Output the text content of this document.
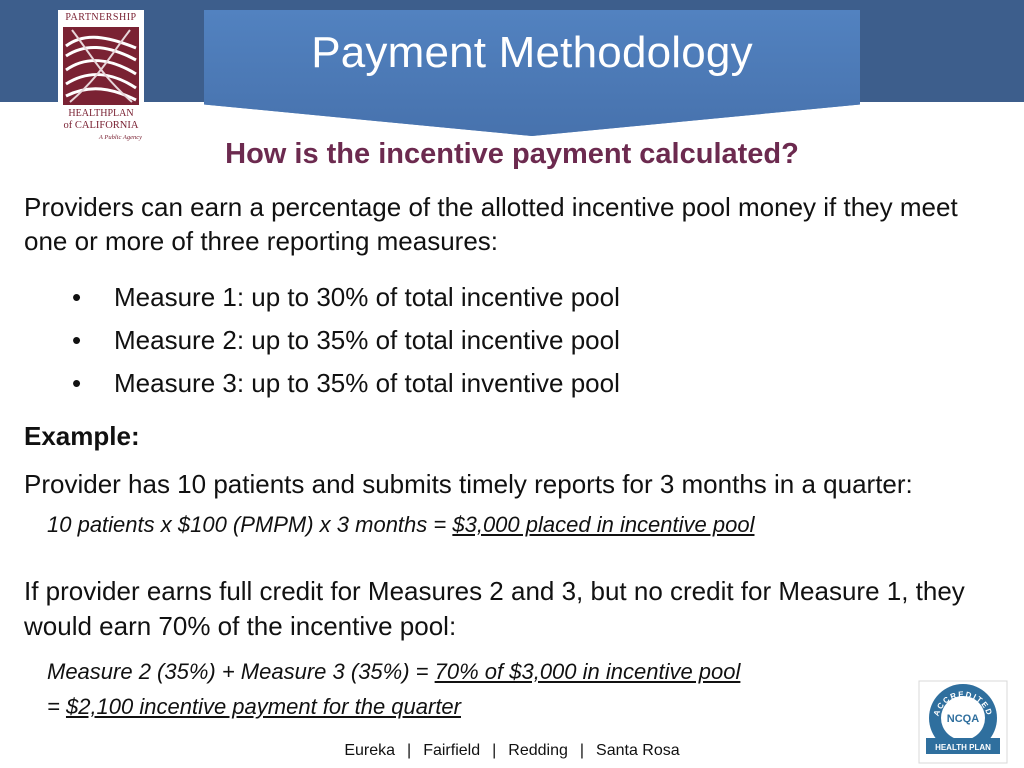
Payment Methodology
PARTNERSHIP
HEALTHPLAN
of CALIFORNIA
A Public Agency
How is the incentive payment calculated?
Providers can earn a percentage of the allotted incentive pool money if they meet one or more of three reporting measures:
• Measure 1: up to 30% of total incentive pool
• Measure 2: up to 35% of total incentive pool
• Measure 3: up to 35% of total inventive pool
Example:
Provider has 10 patients and submits timely reports for 3 months in a quarter:
10 patients x $100 (PMPM) x 3 months = $3,000 placed in incentive pool
If provider earns full credit for Measures 2 and 3, but no credit for Measure 1, they would earn 70% of the incentive pool:
Measure 2 (35%) + Measure 3 (35%) = 70% of $3,000 in incentive pool
= $2,100 incentive payment for the quarter	ACCREDITED
NCQA
HEALTH PLAN
Eureka | Fairfield | Redding | Santa Rosa
